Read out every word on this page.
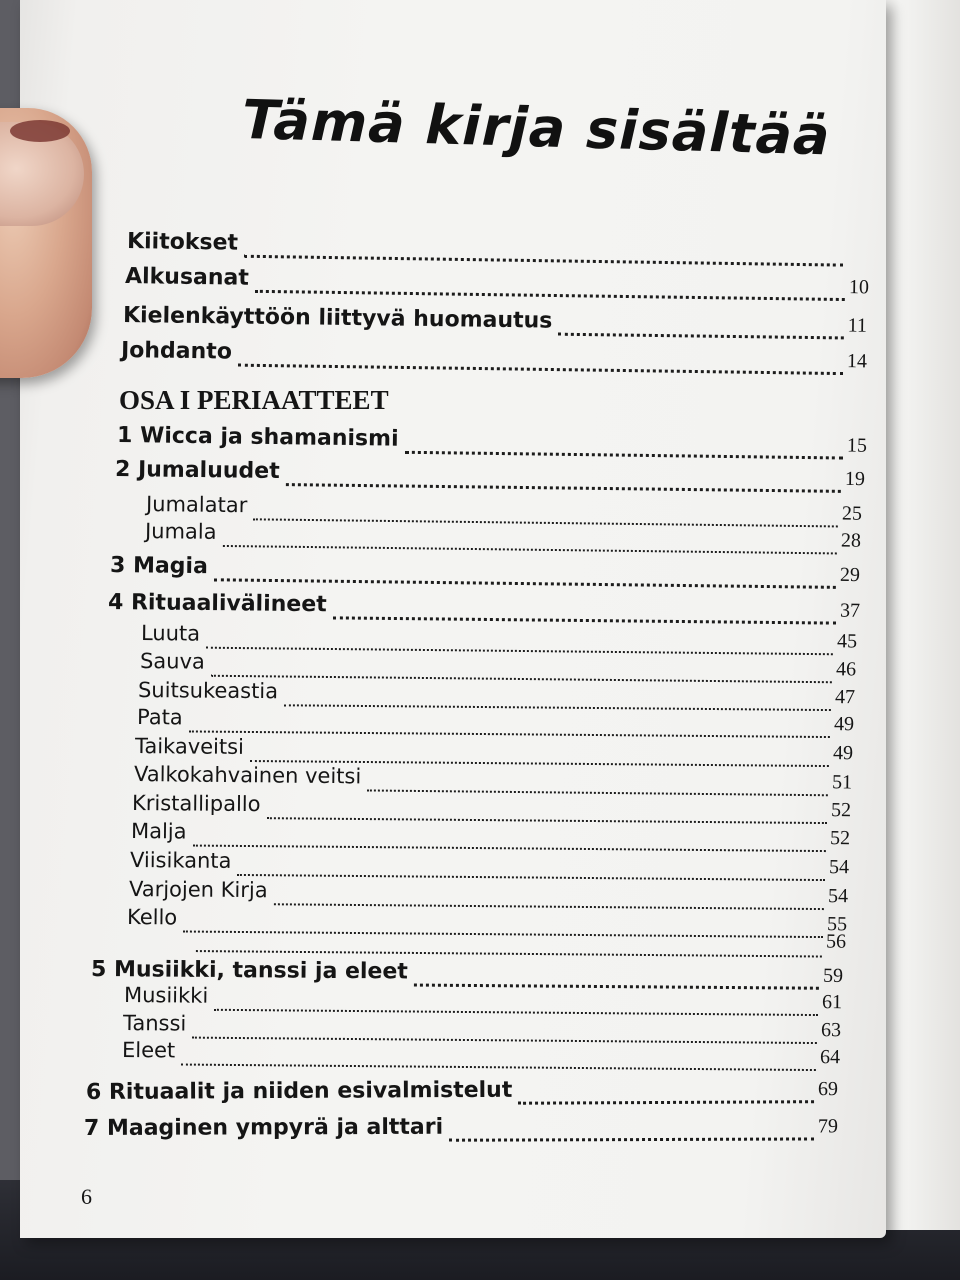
Tämä kirja sisältää
Kiitokset
Alkusanat	10
Kielenkäyttöön liittyvä huomautus	11
Johdanto	14
OSA I PERIAATTEET
1 Wicca ja shamanismi	15
2 Jumaluudet	19
Jumalatar	25
Jumala	28
3 Magia	29
4 Rituaalivälineet	37
Luuta	45
Sauva	46
Suitsukeastia	47
Pata	49
Taikaveitsi	49
Valkokahvainen veitsi	51
Kristallipallo	52
Malja	52
Viisikanta	54
Varjojen Kirja	54
Kello	55
56
5 Musiikki, tanssi ja eleet	59
Musiikki	61
Tanssi	63
Eleet	64
6 Rituaalit ja niiden esivalmistelut	69
7 Maaginen ympyrä ja alttari	79
6
